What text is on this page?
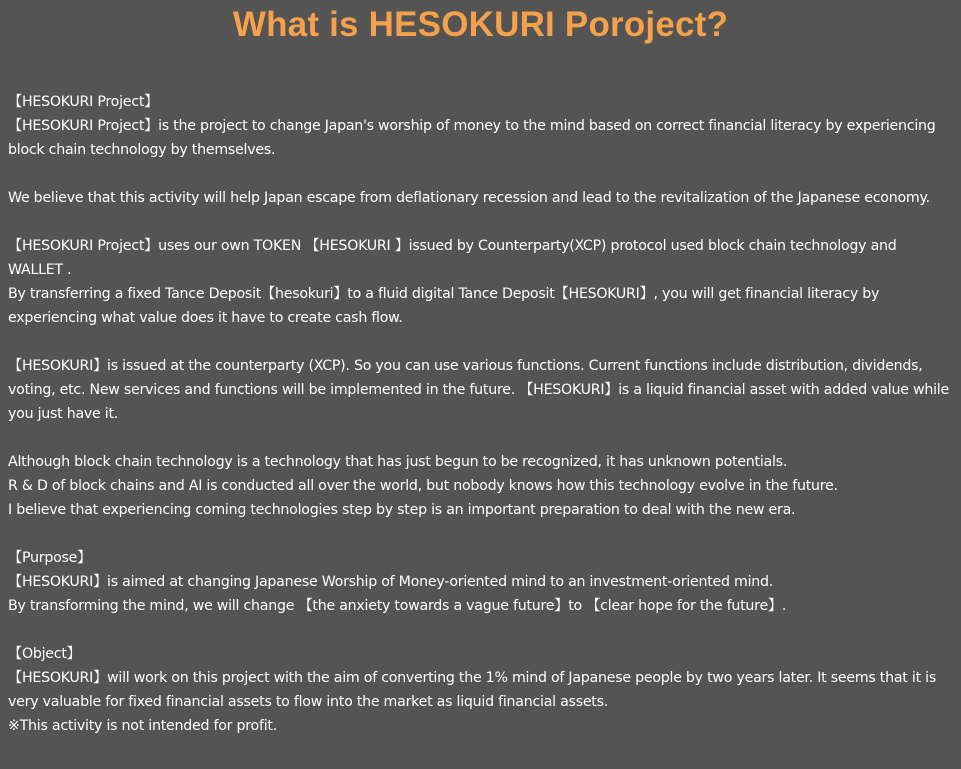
What is HESOKURI Poroject?

【HESOKURI Project】

【HESOKURI Project】is the project to change Japan's worship of money to the mind based on correct financial literacy by experiencing block chain technology by themselves.

We believe that this activity will help Japan escape from deflationary recession and lead to the revitalization of the Japanese economy.

【HESOKURI Project】uses our own TOKEN 【HESOKURI 】issued by Counterparty(XCP) protocol used block chain technology and WALLET .

By transferring a fixed Tance Deposit【hesokuri】to a fluid digital Tance Deposit【HESOKURI】, you will get financial literacy by experiencing what value does it have to create cash flow.

【HESOKURI】is issued at the counterparty (XCP). So you can use various functions. Current functions include distribution, dividends, voting, etc. New services and functions will be implemented in the future. 【HESOKURI】is a liquid financial asset with added value while you just have it.

Although block chain technology is a technology that has just begun to be recognized, it has unknown potentials.

R & D of block chains and AI is conducted all over the world, but nobody knows how this technology evolve in the future.

I believe that experiencing coming technologies step by step is an important preparation to deal with the new era.

【Purpose】

【HESOKURI】is aimed at changing Japanese Worship of Money-oriented mind to an investment-oriented mind.

By transforming the mind, we will change 【the anxiety towards a vague future】to 【clear hope for the future】.

【Object】

【HESOKURI】will work on this project with the aim of converting the 1% mind of Japanese people by two years later. It seems that it is very valuable for fixed financial assets to flow into the market as liquid financial assets.

※This activity is not intended for profit.
